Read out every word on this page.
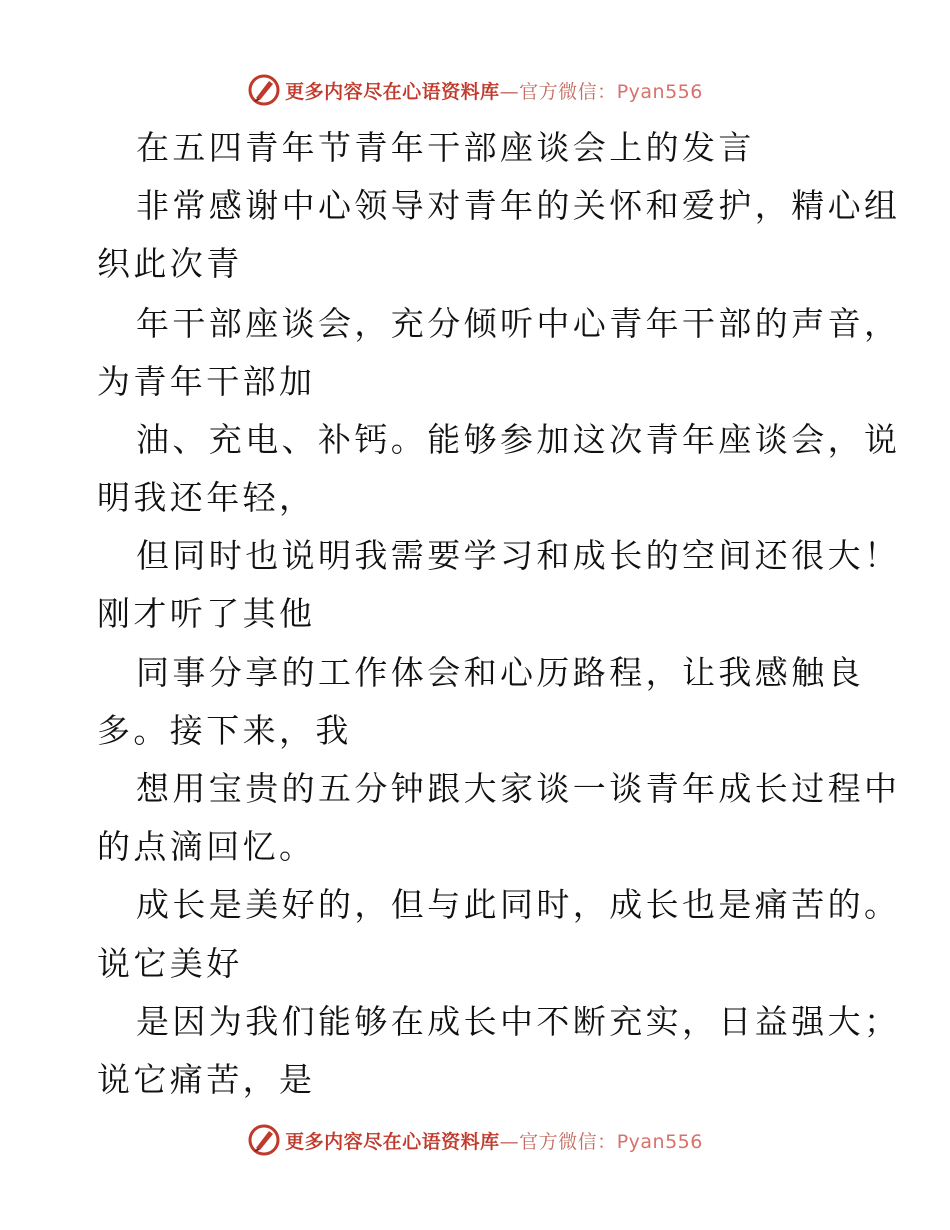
更多内容尽在心语资料库—官方微信：Pyan556
在五四青年节青年干部座谈会上的发言
非常感谢中心领导对青年的关怀和爱护，精心组
织此次青
年干部座谈会，充分倾听中心青年干部的声音，
为青年干部加
油、充电、补钙。能够参加这次青年座谈会，说
明我还年轻，
但同时也说明我需要学习和成长的空间还很大！
刚才听了其他
同事分享的工作体会和心历路程，让我感触良
多。接下来，我
想用宝贵的五分钟跟大家谈一谈青年成长过程中
的点滴回忆。
成长是美好的，但与此同时，成长也是痛苦的。
说它美好
是因为我们能够在成长中不断充实，日益强大；
说它痛苦，是
更多内容尽在心语资料库—官方微信：Pyan556
